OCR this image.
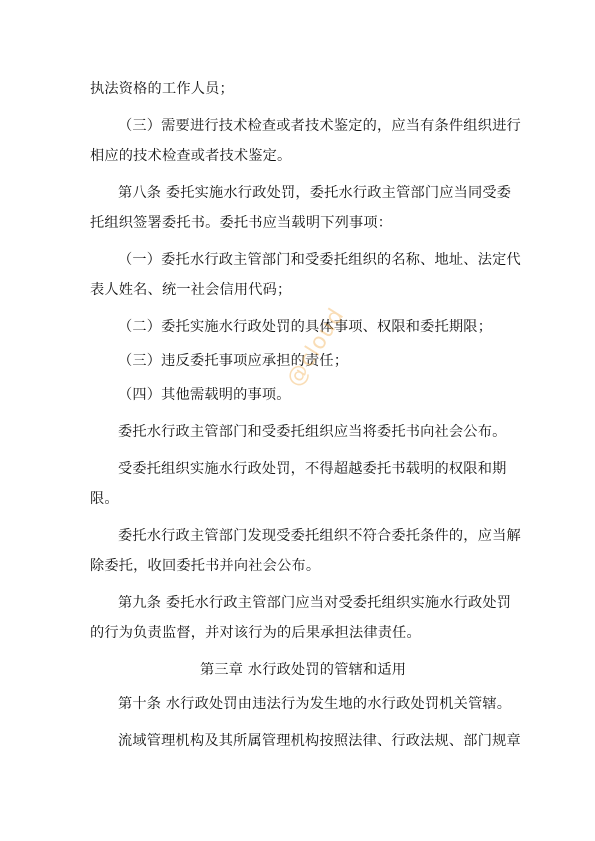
执法资格的工作人员；
（三）需要进行技术检查或者技术鉴定的，应当有条件组织进行
相应的技术检查或者技术鉴定。
第八条 委托实施水行政处罚，委托水行政主管部门应当同受委
托组织签署委托书。委托书应当载明下列事项：
（一）委托水行政主管部门和受委托组织的名称、地址、法定代
表人姓名、统一社会信用代码；
（二）委托实施水行政处罚的具体事项、权限和委托期限；
（三）违反委托事项应承担的责任；
（四）其他需载明的事项。
委托水行政主管部门和受委托组织应当将委托书向社会公布。
受委托组织实施水行政处罚，不得超越委托书载明的权限和期
限。
委托水行政主管部门发现受委托组织不符合委托条件的，应当解
除委托，收回委托书并向社会公布。
第九条 委托水行政主管部门应当对受委托组织实施水行政处罚
的行为负责监督，并对该行为的后果承担法律责任。
第三章 水行政处罚的管辖和适用
第十条 水行政处罚由违法行为发生地的水行政处罚机关管辖。
流域管理机构及其所属管理机构按照法律、行政法规、部门规章
@cloud
